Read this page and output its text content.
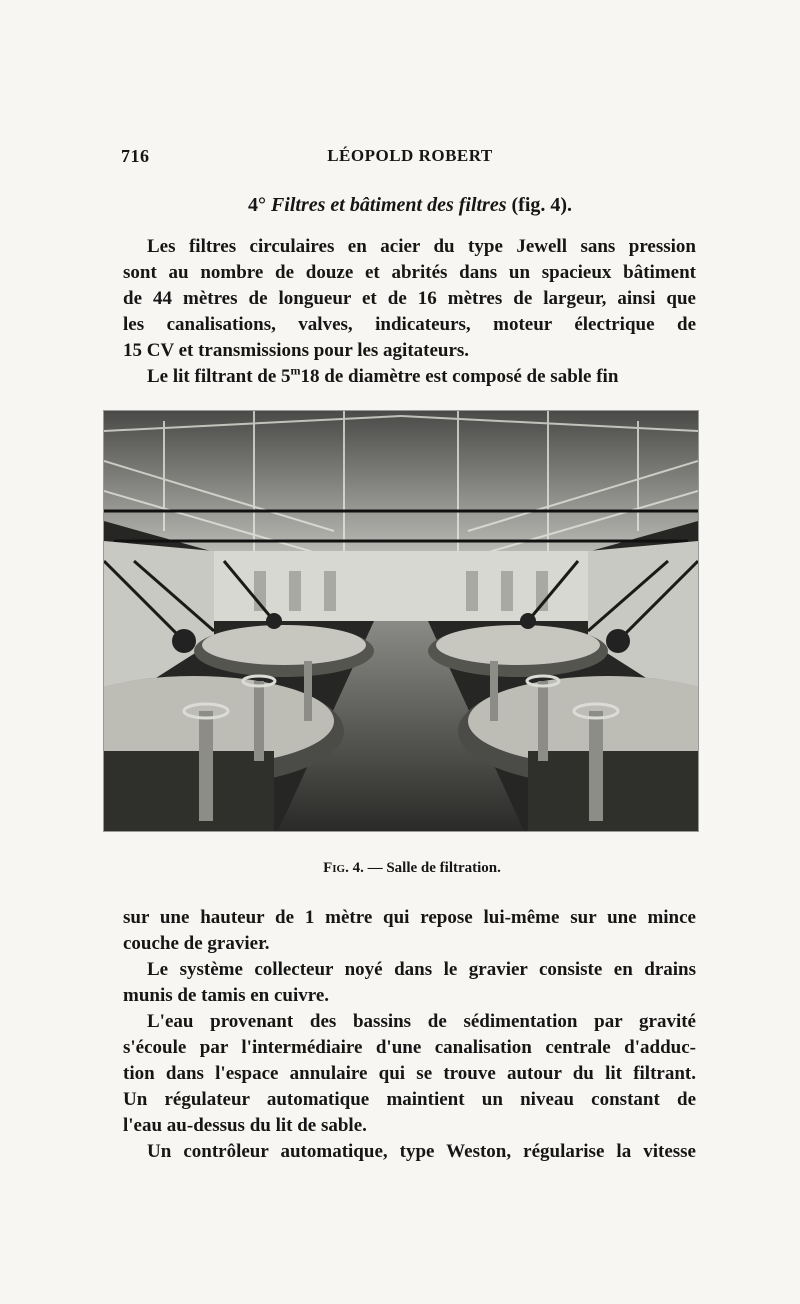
716	LÉOPOLD ROBERT
4° Filtres et bâtiment des filtres (fig. 4).
Les filtres circulaires en acier du type Jewell sans pression
sont au nombre de douze et abrités dans un spacieux bâtiment
de 44 mètres de longueur et de 16 mètres de largeur, ainsi que
les canalisations, valves, indicateurs, moteur électrique de
15 CV et transmissions pour les agitateurs.
Le lit filtrant de 5$^m$18 de diamètre est composé de sable fin
Fig. 4. — Salle de filtration.
sur une hauteur de 1 mètre qui repose lui-même sur une mince
couche de gravier.
Le système collecteur noyé dans le gravier consiste en drains
munis de tamis en cuivre.
L'eau provenant des bassins de sédimentation par gravité
s'écoule par l'intermédiaire d'une canalisation centrale d'adduc-
tion dans l'espace annulaire qui se trouve autour du lit filtrant.
Un régulateur automatique maintient un niveau constant de
l'eau au-dessus du lit de sable.
Un contrôleur automatique, type Weston, régularise la vitesse
